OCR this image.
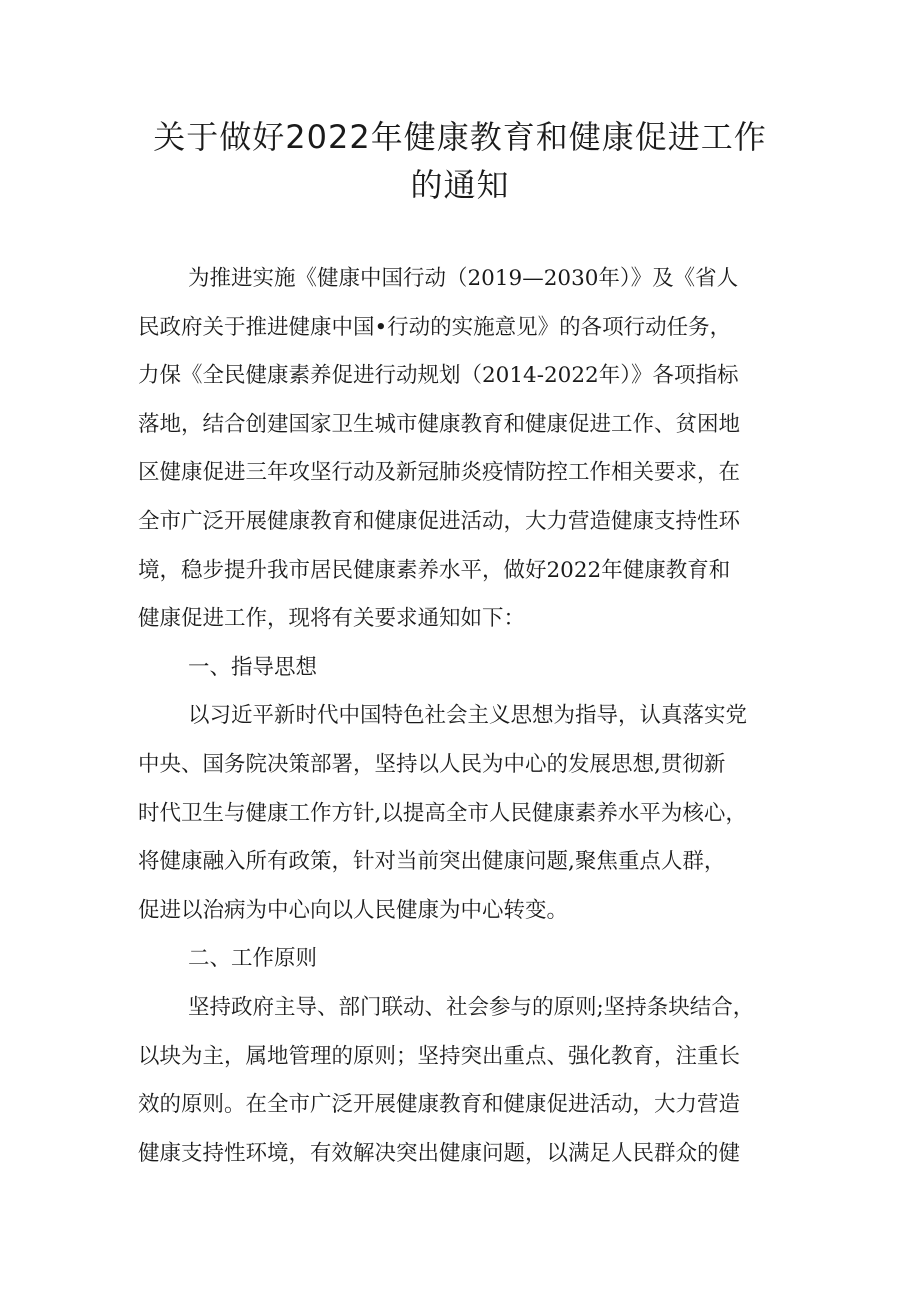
关于做好2022年健康教育和健康促进工作
的通知
为推进实施《健康中国行动（2019—2030年）》及《省人
民政府关于推进健康中国•行动的实施意见》的各项行动任务，
力保《全民健康素养促进行动规划（2014-2022年）》各项指标
落地，结合创建国家卫生城市健康教育和健康促进工作、贫困地
区健康促进三年攻坚行动及新冠肺炎疫情防控工作相关要求，在
全市广泛开展健康教育和健康促进活动，大力营造健康支持性环
境，稳步提升我市居民健康素养水平，做好2022年健康教育和
健康促进工作，现将有关要求通知如下：
一、指导思想
以习近平新时代中国特色社会主义思想为指导，认真落实党
中央、国务院决策部署，坚持以人民为中心的发展思想,贯彻新
时代卫生与健康工作方针,以提高全市人民健康素养水平为核心，
将健康融入所有政策，针对当前突出健康问题,聚焦重点人群，
促进以治病为中心向以人民健康为中心转变。
二、工作原则
坚持政府主导、部门联动、社会参与的原则;坚持条块结合，
以块为主，属地管理的原则；坚持突出重点、强化教育，注重长
效的原则。在全市广泛开展健康教育和健康促进活动，大力营造
健康支持性环境，有效解决突出健康问题，以满足人民群众的健
